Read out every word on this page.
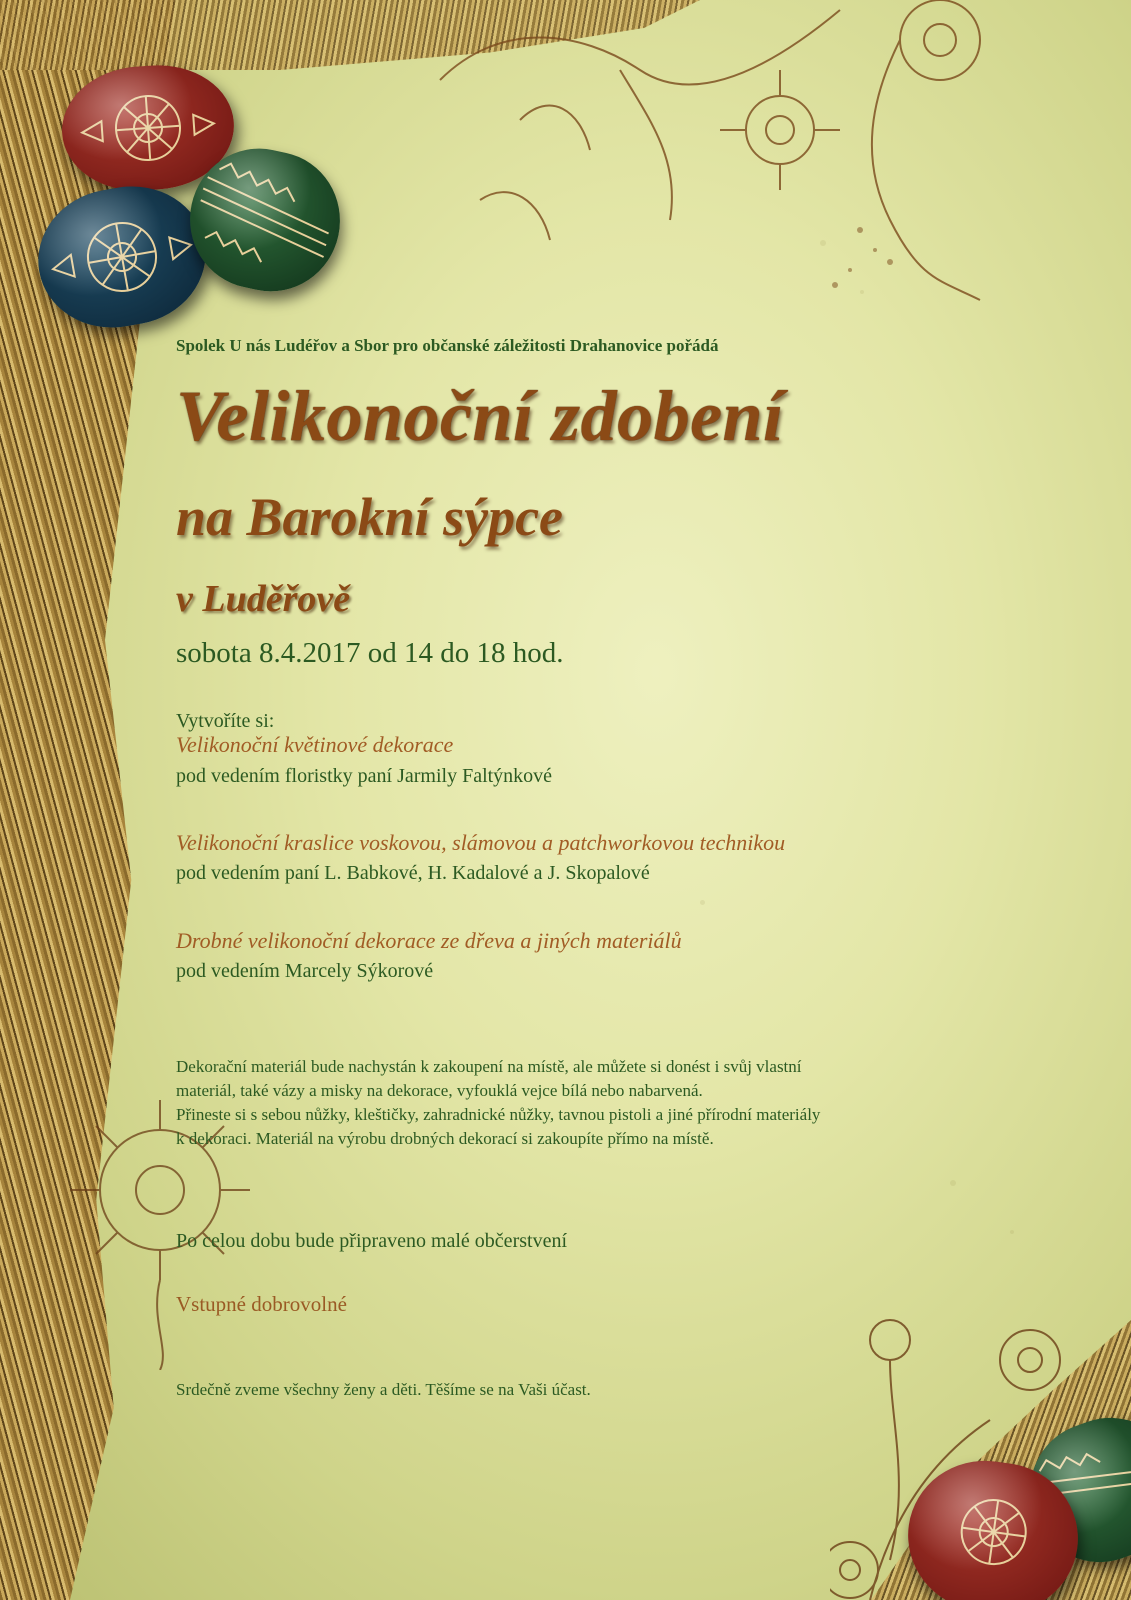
Spolek U nás Ludéřov a Sbor pro občanské záležitosti Drahanovice pořádá
Velikonoční zdobení
na Barokní sýpce
v Luděřově
sobota 8.4.2017 od 14 do 18 hod.
Vytvoříte si:
Velikonoční květinové dekorace
pod vedením floristky paní Jarmily Faltýnkové
Velikonoční kraslice voskovou, slámovou a patchworkovou technikou
pod vedením paní L. Babkové, H. Kadalové a J. Skopalové
Drobné velikonoční dekorace ze dřeva a jiných materiálů
pod vedením Marcely Sýkorové
Dekorační materiál bude nachystán k zakoupení na místě, ale můžete si donést i svůj vlastní
materiál, také vázy a misky na dekorace, vyfouklá vejce bílá nebo nabarvená.
Přineste si s sebou nůžky, kleštičky, zahradnické nůžky, tavnou pistoli a jiné přírodní materiály
k dekoraci. Materiál na výrobu drobných dekorací si zakoupíte přímo na místě.
Po celou dobu bude připraveno malé občerstvení
Vstupné dobrovolné
Srdečně zveme všechny ženy a děti. Těšíme se na Vaši účast.
